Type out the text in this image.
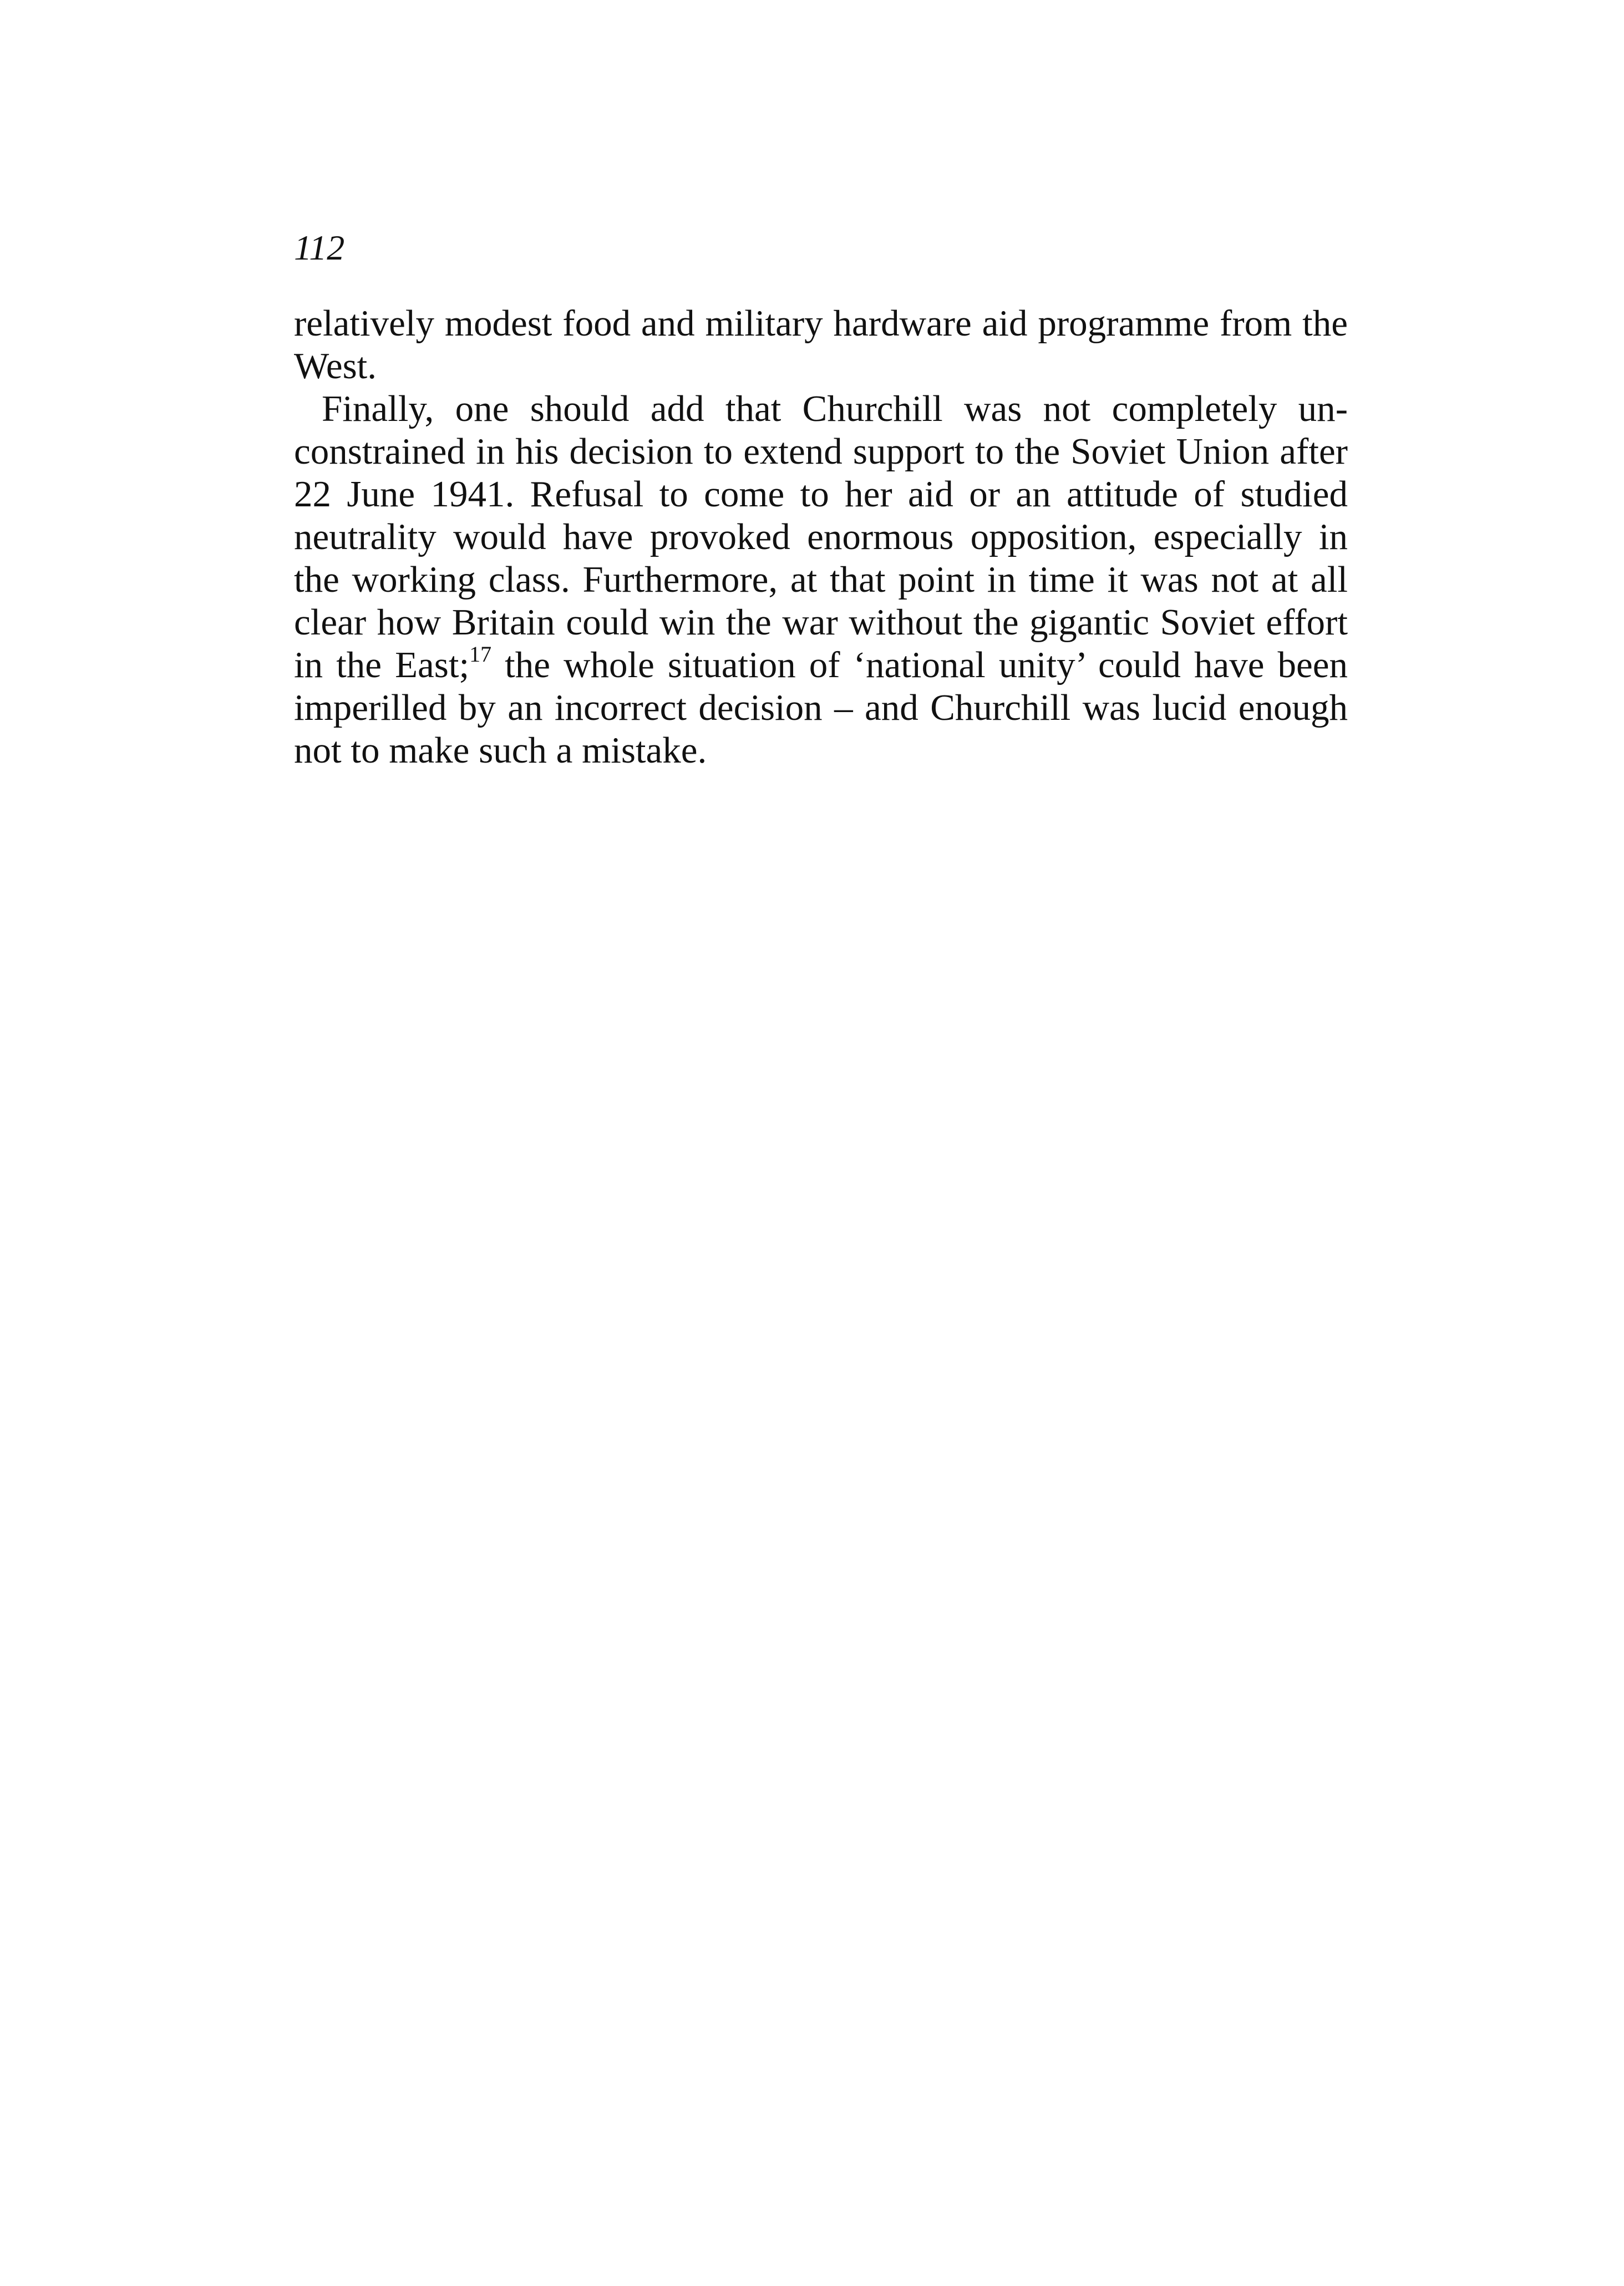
112

relatively modest food and military hardware aid programme from the West.

Finally, one should add that Churchill was not completely unconstrained in his decision to extend support to the Soviet Union after 22 June 1941. Refusal to come to her aid or an attitude of studied neutrality would have provoked enormous opposition, especially in the working class. Furthermore, at that point in time it was not at all clear how Britain could win the war without the gigantic Soviet effort in the East;$^{17}$ the whole situation of ‘national unity’ could have been imperilled by an incorrect decision – and Churchill was lucid enough not to make such a mistake.
